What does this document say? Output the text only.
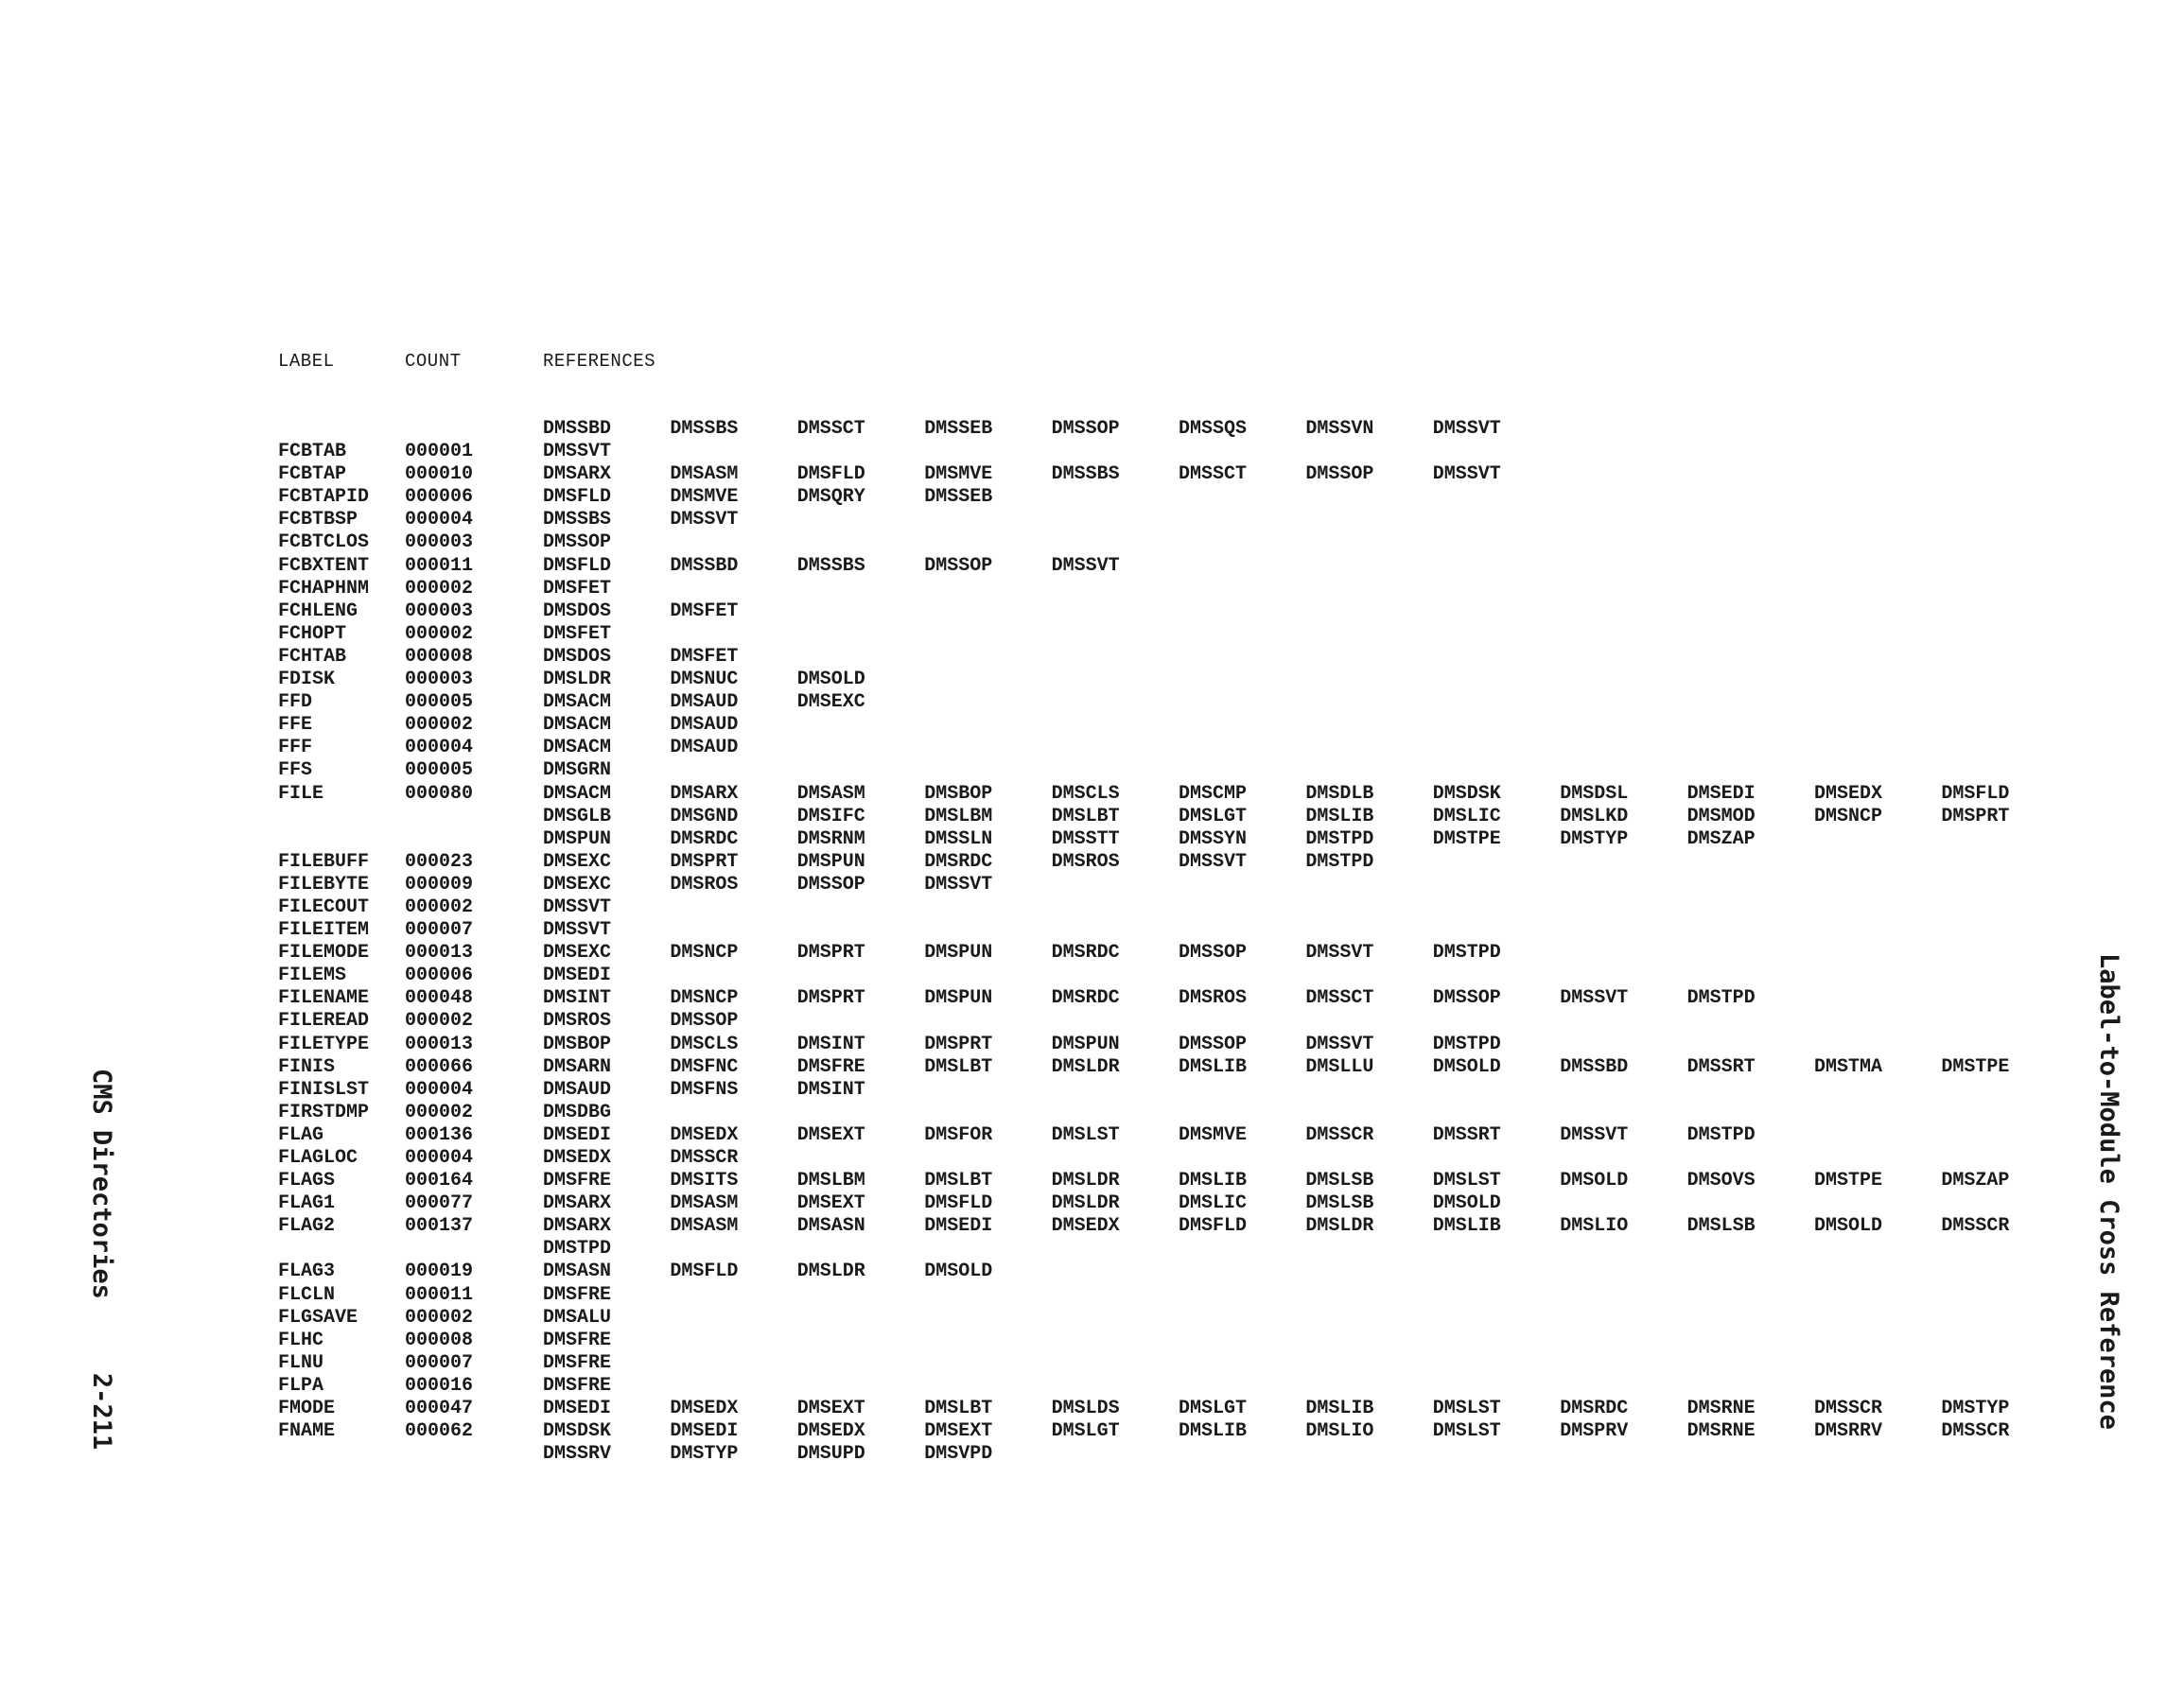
LABEL	COUNT	REFERENCES
DMSSBD	DMSSBS	DMSSCT	DMSSEB	DMSSOP	DMSSQS	DMSSVN	DMSSVT
FCBTAB	000001	DMSSVT
FCBTAP	000010	DMSARX	DMSASM	DMSFLD	DMSMVE	DMSSBS	DMSSCT	DMSSOP	DMSSVT
FCBTAPID 000006	DMSFLD	DMSMVE	DMSQRY	DMSSEB
FCBTBSP 000004	DMSSBS	DMSSVT
FCBTCLOS 000003	DMSSOP
FCBXTENT 000011	DMSFLD	DMSSBD	DMSSBS	DMSSOP	DMSSVT
FCHAPHNM 000002	DMSFET
FCHLENG 000003	DMSDOS	DMSFET
FCHOPT	000002	DMSFET
FCHTAB	000008	DMSDOS	DMSFET
FDISK	000003	DMSLDR	DMSNUC	DMSOLD
FFD	000005	DMSACM	DMSAUD	DMSEXC
FFE	000002	DMSACM	DMSAUD
FFF	000004	DMSACM	DMSAUD
FFS	000005	DMSGRN
FILE	000080	DMSACM	DMSARX	DMSASM	DMSBOP	DMSCLS	DMSCMP	DMSDLB	DMSDSK	DMSDSL	DMSEDI	DMSEDX	DMSFLD
DMSGLB	DMSGND	DMSIFC	DMSLBM	DMSLBT	DMSLGT	DMSLIB	DMSLIC	DMSLKD	DMSMOD	DMSNCP	DMSPRT
DMSPUN	DMSRDC	DMSRNM	DMSSLN	DMSSTT	DMSSYN	DMSTPD	DMSTPE	DMSTYP	DMSZAP
FILEBUFF 000023	DMSEXC	DMSPRT	DMSPUN	DMSRDC	DMSROS	DMSSVT	DMSTPD
FILEBYTE 000009	DMSEXC	DMSROS	DMSSOP	DMSSVT
FILECOUT 000002	DMSSVT
FILEITEM 000007	DMSSVT
FILEMODE 000013	DMSEXC	DMSNCP	DMSPRT	DMSPUN	DMSRDC	DMSSOP	DMSSVT	DMSTPD
FILEMS	000006	DMSEDI
FILENAME 000048	DMSINT	DMSNCP	DMSPRT	DMSPUN	DMSRDC	DMSROS	DMSSCT	DMSSOP	DMSSVT	DMSTPD
FILEREAD 000002	DMSROS	DMSSOP
FILETYPE 000013	DMSBOP	DMSCLS	DMSINT	DMSPRT	DMSPUN	DMSSOP	DMSSVT	DMSTPD
FINIS	000066	DMSARN	DMSFNC	DMSFRE	DMSLBT	DMSLDR	DMSLIB	DMSLLU	DMSOLD	DMSSBD	DMSSRT	DMSTMA	DMSTPE
FINISLST 000004	DMSAUD	DMSFNS	DMSINT
FIRSTDMP 000002	DMSDBG
FLAG	000136	DMSEDI	DMSEDX	DMSEXT	DMSFOR	DMSLST	DMSMVE	DMSSCR	DMSSRT	DMSSVT	DMSTPD
FLAGLOC 000004	DMSEDX	DMSSCR
FLAGS	000164	DMSFRE	DMSITS	DMSLBM	DMSLBT	DMSLDR	DMSLIB	DMSLSB	DMSLST	DMSOLD	DMSOVS	DMSTPE	DMSZAP
FLAG1	000077	DMSARX	DMSASM	DMSEXT	DMSFLD	DMSLDR	DMSLIC	DMSLSB	DMSOLD
FLAG2	000137	DMSARX	DMSASM	DMSASN	DMSEDI	DMSEDX	DMSFLD	DMSLDR	DMSLIB	DMSLIO	DMSLSB	DMSOLD	DMSSCR
DMSTPD
FLAG3	000019	DMSASN	DMSFLD	DMSLDR	DMSOLD
FLCLN	000011	DMSFRE
FLGSAVE 000002	DMSALU
FLHC	000008	DMSFRE
FLNU	000007	DMSFRE
FLPA	000016	DMSFRE
FMODE	000047	DMSEDI	DMSEDX	DMSEXT	DMSLBT	DMSLDS	DMSLGT	DMSLIB	DMSLST	DMSRDC	DMSRNE	DMSSCR	DMSTYP
FNAME	000062	DMSDSK	DMSEDI	DMSEDX	DMSEXT	DMSLGT	DMSLIB	DMSLIO	DMSLST	DMSPRV	DMSRNE	DMSRRV	DMSSCR
DMSSRV	DMSTYP	DMSUPD	DMSVPD
CMS Directories2-211	Label-to-Module Cross Reference
